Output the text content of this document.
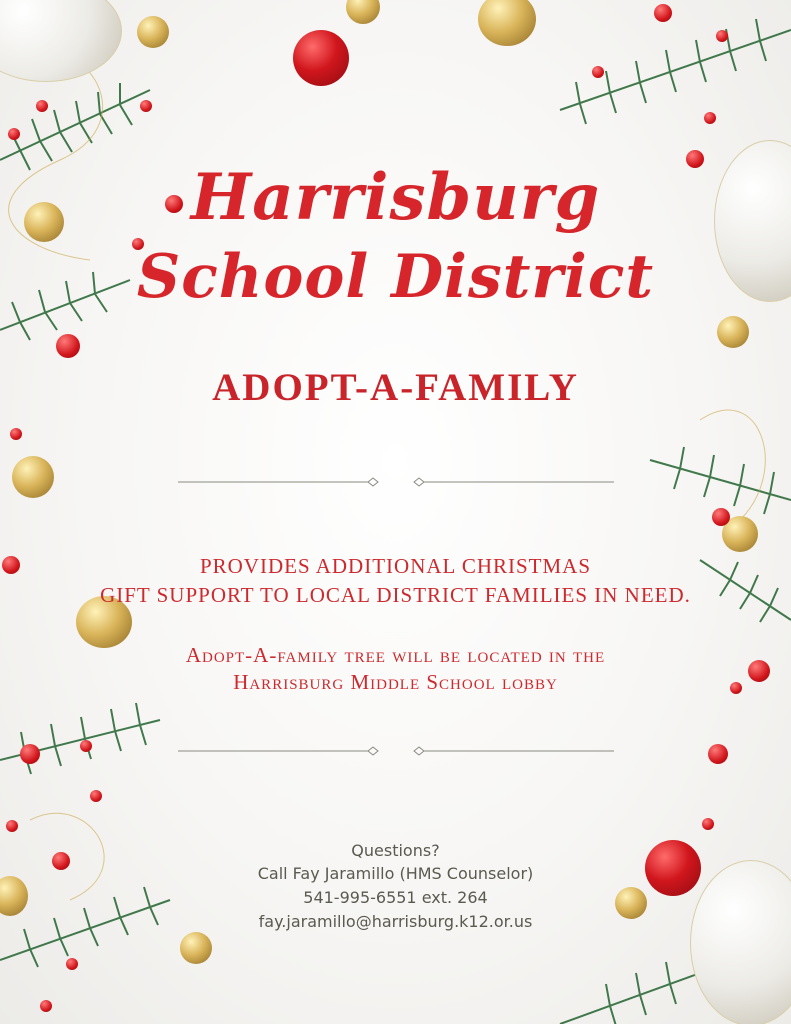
Harrisburg
School District
ADOPT-A-FAMILY
PROVIDES ADDITIONAL CHRISTMAS
GIFT SUPPORT TO LOCAL DISTRICT FAMILIES IN NEED.
Adopt-A-family tree will be located in the
Harrisburg Middle School lobby
Questions?
Call Fay Jaramillo (HMS Counselor)
541-995-6551 ext. 264
fay.jaramillo@harrisburg.k12.or.us
